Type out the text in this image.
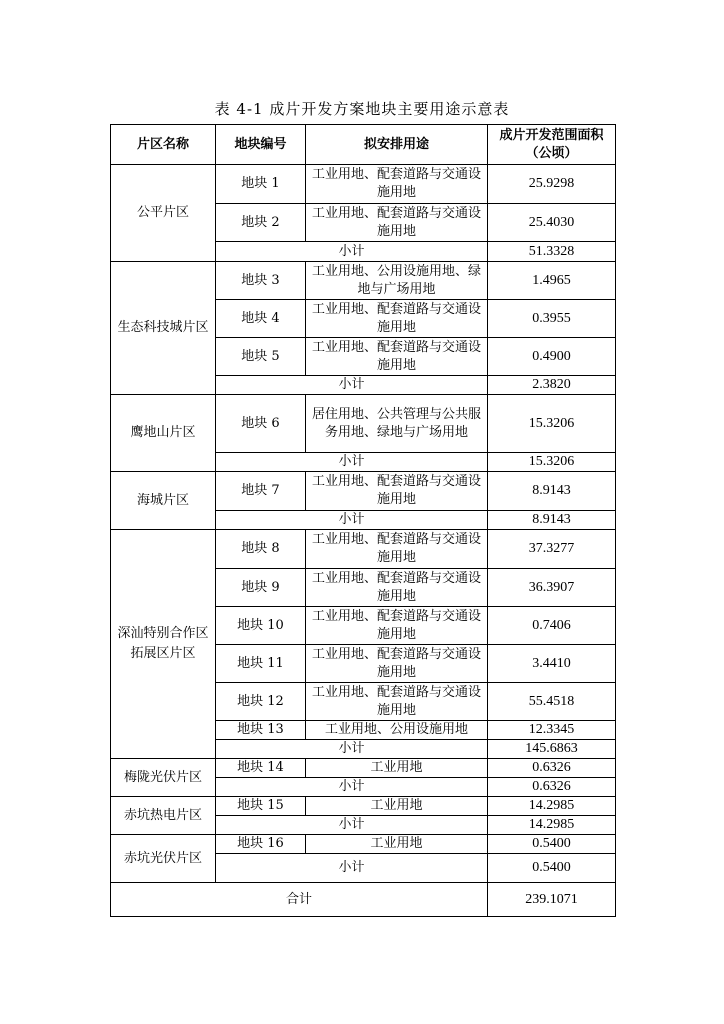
表 4-1 成片开发方案地块主要用途示意表
片区名称	地块编号	拟安排用途	成片开发范围面积（公顷）
公平片区	地块 1	工业用地、配套道路与交通设施用地	25.9298
	地块 2	工业用地、配套道路与交通设施用地	25.4030
	小计		51.3328
生态科技城片区	地块 3	工业用地、公用设施用地、绿地与广场用地	1.4965
	地块 4	工业用地、配套道路与交通设施用地	0.3955
	地块 5	工业用地、配套道路与交通设施用地	0.4900
	小计		2.3820
鹰地山片区	地块 6	居住用地、公共管理与公共服务用地、绿地与广场用地	15.3206
	小计		15.3206
海城片区	地块 7	工业用地、配套道路与交通设施用地	8.9143
	小计		8.9143
深汕特别合作区拓展区片区	地块 8	工业用地、配套道路与交通设施用地	37.3277
	地块 9	工业用地、配套道路与交通设施用地	36.3907
	地块 10	工业用地、配套道路与交通设施用地	0.7406
	地块 11	工业用地、配套道路与交通设施用地	3.4410
	地块 12	工业用地、配套道路与交通设施用地	55.4518
	地块 13	工业用地、公用设施用地	12.3345
	小计		145.6863
梅陇光伏片区	地块 14	工业用地	0.6326
	小计		0.6326
赤坑热电片区	地块 15	工业用地	14.2985
	小计		14.2985
赤坑光伏片区	地块 16	工业用地	0.5400
	小计		0.5400
合计			239.1071
